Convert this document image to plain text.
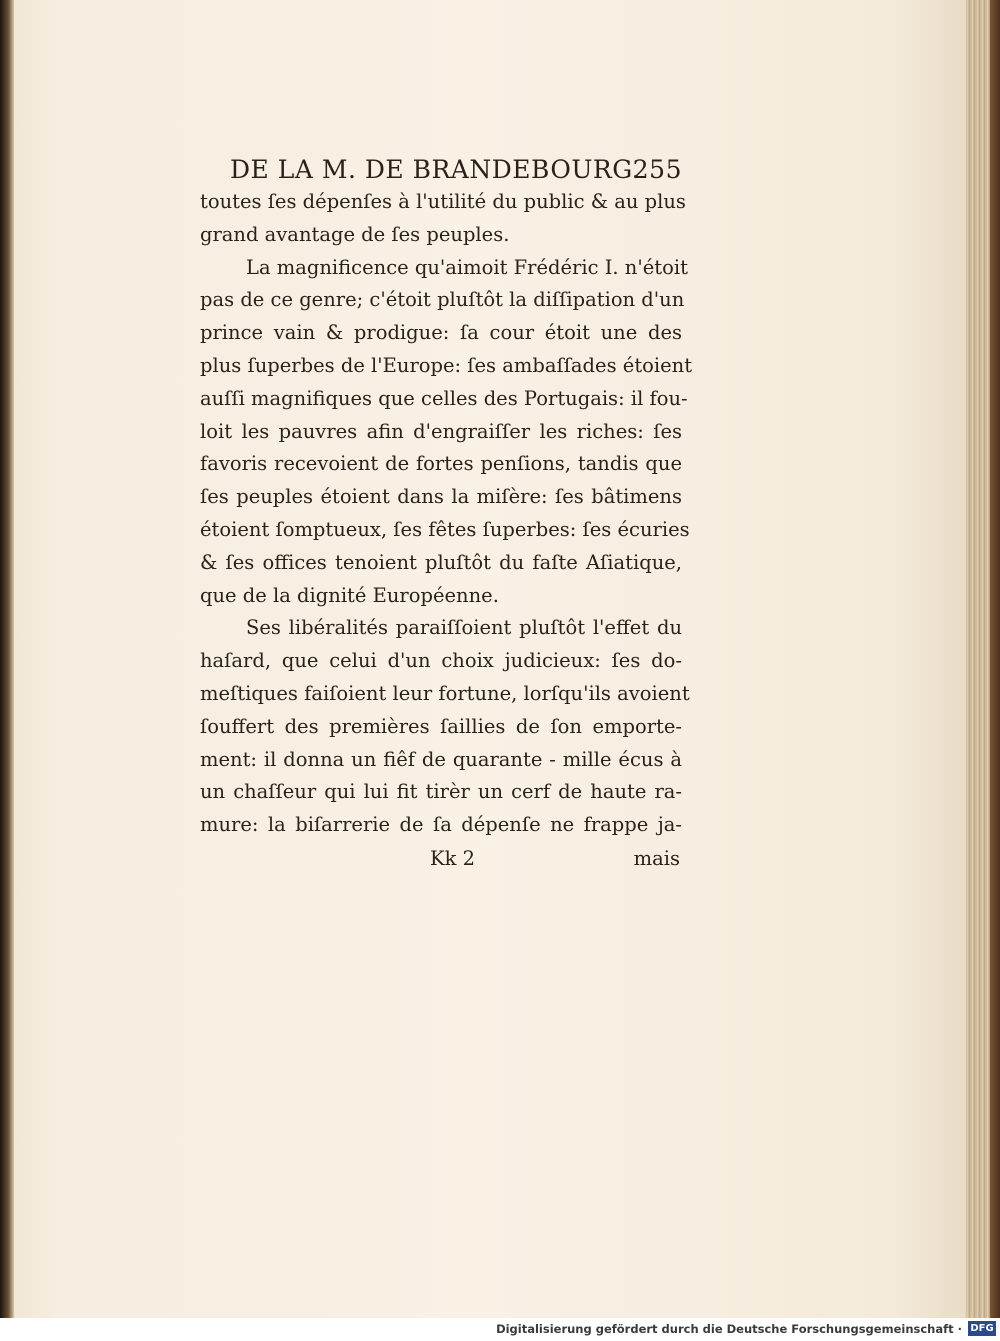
DE LA M. DE BRANDEBOURG.
255
toutes ſes dépenſes à l'utilité du public & au plus
grand avantage de ſes peuples.
La magnificence qu'aimoit Frédéric I. n'étoit
pas de ce genre; c'étoit pluſtôt la diſſipation d'un
prince vain & prodigue: ſa cour étoit une des
plus ſuperbes de l'Europe: ſes ambaſſades étoient
auſſi magnifiques que celles des Portugais: il fou-
loit les pauvres afin d'engraiſſer les riches: ſes
favoris recevoient de fortes penſions, tandis que
ſes peuples étoient dans la miſère: ſes bâtimens
étoient ſomptueux, ſes fêtes ſuperbes: ſes écuries
& ſes offices tenoient pluſtôt du faſte Aſiatique,
que de la dignité Européenne.
Ses libéralités paraiſſoient pluſtôt l'effet du
haſard, que celui d'un choix judicieux: ſes do-
meſtiques faiſoient leur fortune, lorſqu'ils avoient
ſouffert des premières ſaillies de ſon emporte-
ment: il donna un fiêf de quarante - mille écus à
un chaſſeur qui lui fit tirèr un cerf de haute ra-
mure: la biſarrerie de ſa dépenſe ne frappe ja-
Kk 2	mais
Digitalisierung gefördert durch die Deutsche Forschungsgemeinschaft · DFG
